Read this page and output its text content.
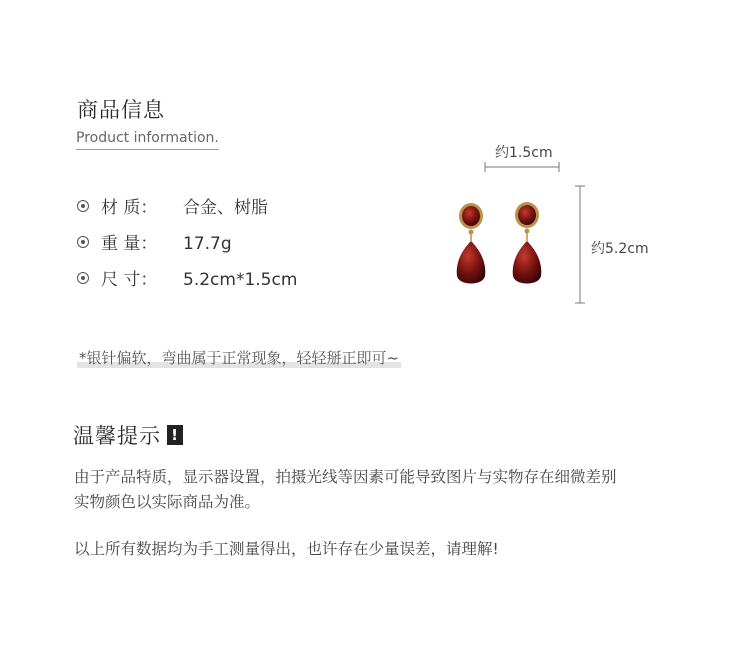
商品信息
Product information.
材 质： 合金、树脂
重 量： 17.7g
尺 寸： 5.2cm*1.5cm
*银针偏软，弯曲属于正常现象，轻轻掰正即可~
约1.5cm
约5.2cm
温馨提示 !
由于产品特质，显示器设置，拍摄光线等因素可能导致图片与实物存在细微差别
实物颜色以实际商品为准。
以上所有数据均为手工测量得出，也许存在少量误差，请理解!
